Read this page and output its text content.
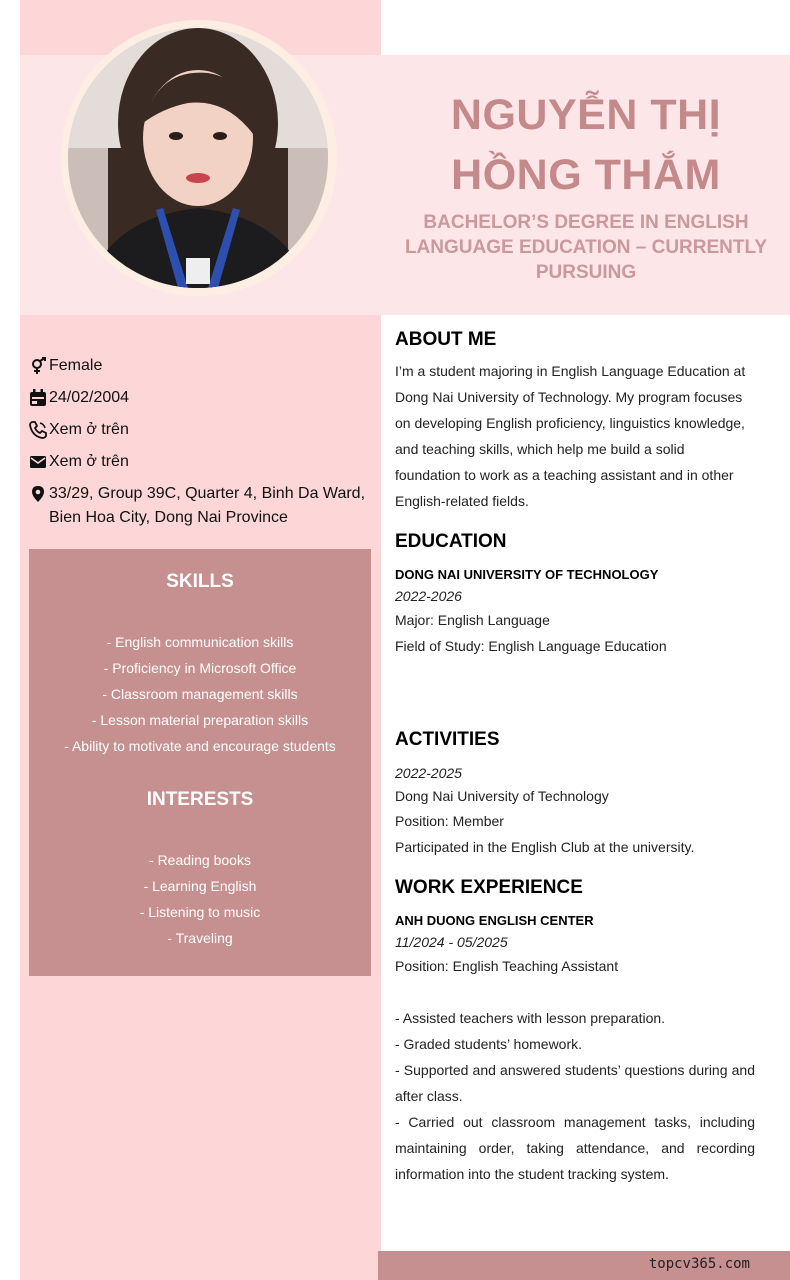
NGUYỄN THỊ
HỒNG THẮM
BACHELOR’S DEGREE IN ENGLISH LANGUAGE EDUCATION – CURRENTLY PURSUING
Female
24/02/2004
Xem ở trên
Xem ở trên
33/29, Group 39C, Quarter 4, Binh Da Ward, Bien Hoa City, Dong Nai Province
SKILLS
- English communication skills
- Proficiency in Microsoft Office
- Classroom management skills
- Lesson material preparation skills
- Ability to motivate and encourage students
INTERESTS
- Reading books
- Learning English
- Listening to music
- Traveling
ABOUT ME
I’m a student majoring in English Language Education at Dong Nai University of Technology. My program focuses on developing English proficiency, linguistics knowledge, and teaching skills, which help me build a solid foundation to work as a teaching assistant and in other English-related fields.
EDUCATION
DONG NAI UNIVERSITY OF TECHNOLOGY
2022-2026
Major: English Language
Field of Study: English Language Education
ACTIVITIES
2022-2025
Dong Nai University of Technology
Position: Member
Participated in the English Club at the university.
WORK EXPERIENCE
ANH DUONG ENGLISH CENTER
11/2024 - 05/2025
Position: English Teaching Assistant
- Assisted teachers with lesson preparation.
- Graded students’ homework.
- Supported and answered students’ questions during and after class.
- Carried out classroom management tasks, including maintaining order, taking attendance, and recording information into the student tracking system.
topcv365.com
